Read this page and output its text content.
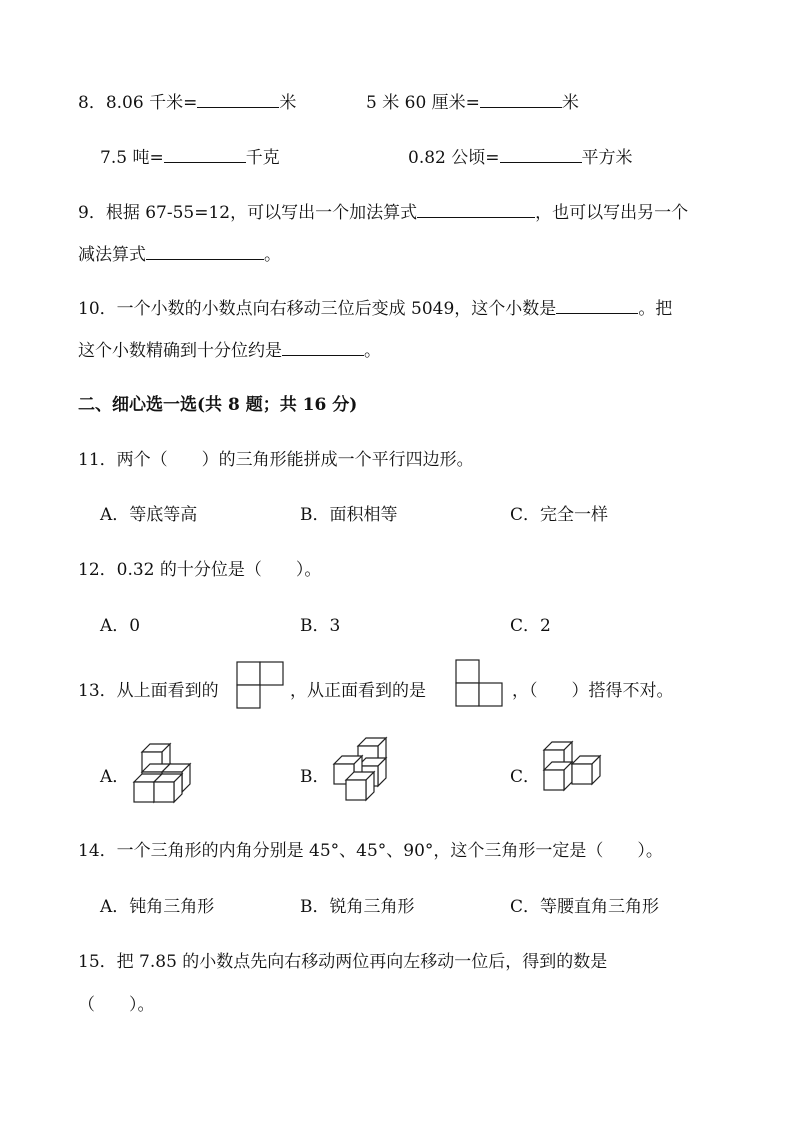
8．8.06 千米=	米	5 米 60 厘米=	米
7.5 吨=	千克	0.82 公顷=	平方米
9．根据 67-55=12，可以写出一个加法算式	，也可以写出另一个
减法算式	。
10．一个小数的小数点向右移动三位后变成 5049，这个小数是	。把
这个小数精确到十分位约是	。
二、细心选一选(共 8 题；共 16 分)
11．两个（　　）的三角形能拼成一个平行四边形。
A．等底等高	B．面积相等	C．完全一样
12．0.32 的十分位是（　　）。
A．0	B．3	C．2
13．从上面看到的	，从正面看到的是	，（　　）搭得不对。
A．	B．	C．
14．一个三角形的内角分别是 45°、45°、90°，这个三角形一定是（　　）。
A．钝角三角形	B．锐角三角形	C．等腰直角三角形
15．把 7.85 的小数点先向右移动两位再向左移动一位后，得到的数是
（　　）。
